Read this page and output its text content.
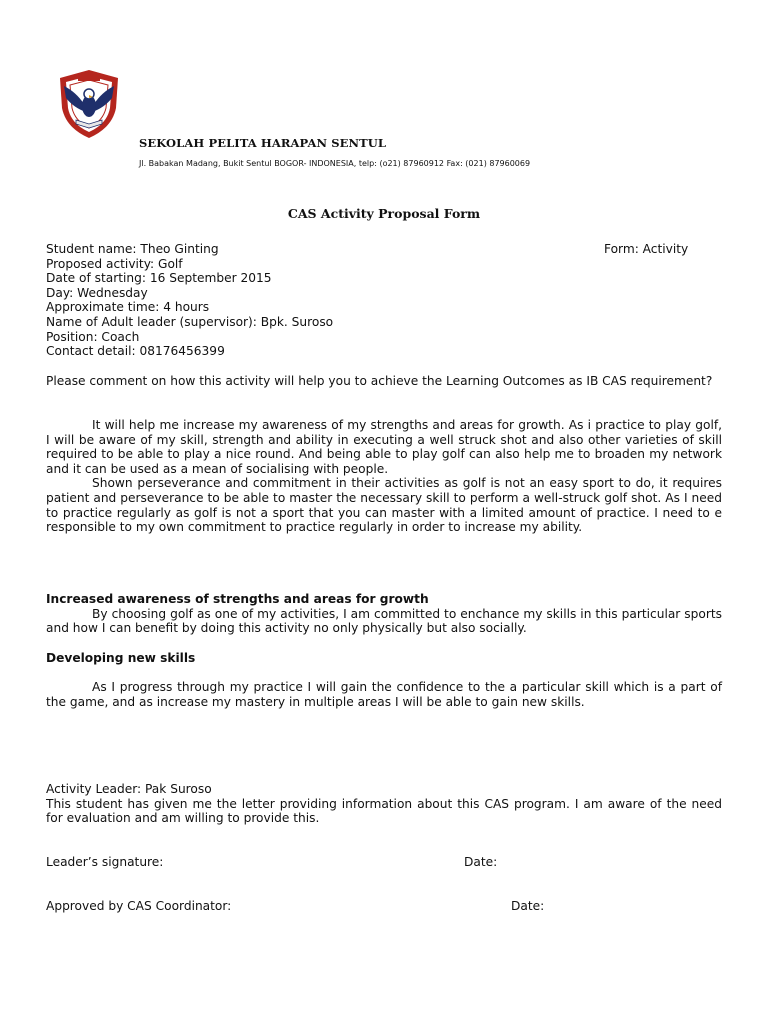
SEKOLAH PELITA HARAPAN SENTUL
Jl. Babakan Madang, Bukit Sentul BOGOR- INDONESIA, telp: (o21) 87960912 Fax: (021) 87960069
CAS Activity Proposal Form
Student name: Theo Ginting	Form: Activity
Proposed activity: Golf
Date of starting: 16 September 2015
Day: Wednesday
Approximate time: 4 hours
Name of Adult leader (supervisor): Bpk. Suroso
Position: Coach
Contact detail: 08176456399

Please comment on how this activity will help you to achieve the Learning Outcomes as IB CAS requirement?

It will help me increase my awareness of my strengths and areas for growth. As i practice to play golf, I will be aware of my skill, strength and ability in executing a well struck shot and also other varieties of skill required to be able to play a nice round. And being able to play golf can also help me to broaden my network and it can be used as a mean of socialising with people.

Shown perseverance and commitment in their activities as golf is not an easy sport to do, it requires patient and perseverance to be able to master the necessary skill to perform a well-struck golf shot. As I need to practice regularly as golf is not a sport that you can master with a limited amount of practice. I need to e responsible to my own commitment to practice regularly in order to increase my ability.

Increased awareness of strengths and areas for growth

By choosing golf as one of my activities, I am committed to enchance my skills in this particular sports and how I can benefit by doing this activity no only physically but also socially.

Developing new skills

As I progress through my practice I will gain the confidence to the a particular skill which is a part of the game, and as increase my mastery in multiple areas I will be able to gain new skills.

Activity Leader: Pak Suroso

This student has given me the letter providing information about this CAS program. I am aware of the need for evaluation and am willing to provide this.

Leader’s signature:	Date:
Approved by CAS Coordinator:	Date:
